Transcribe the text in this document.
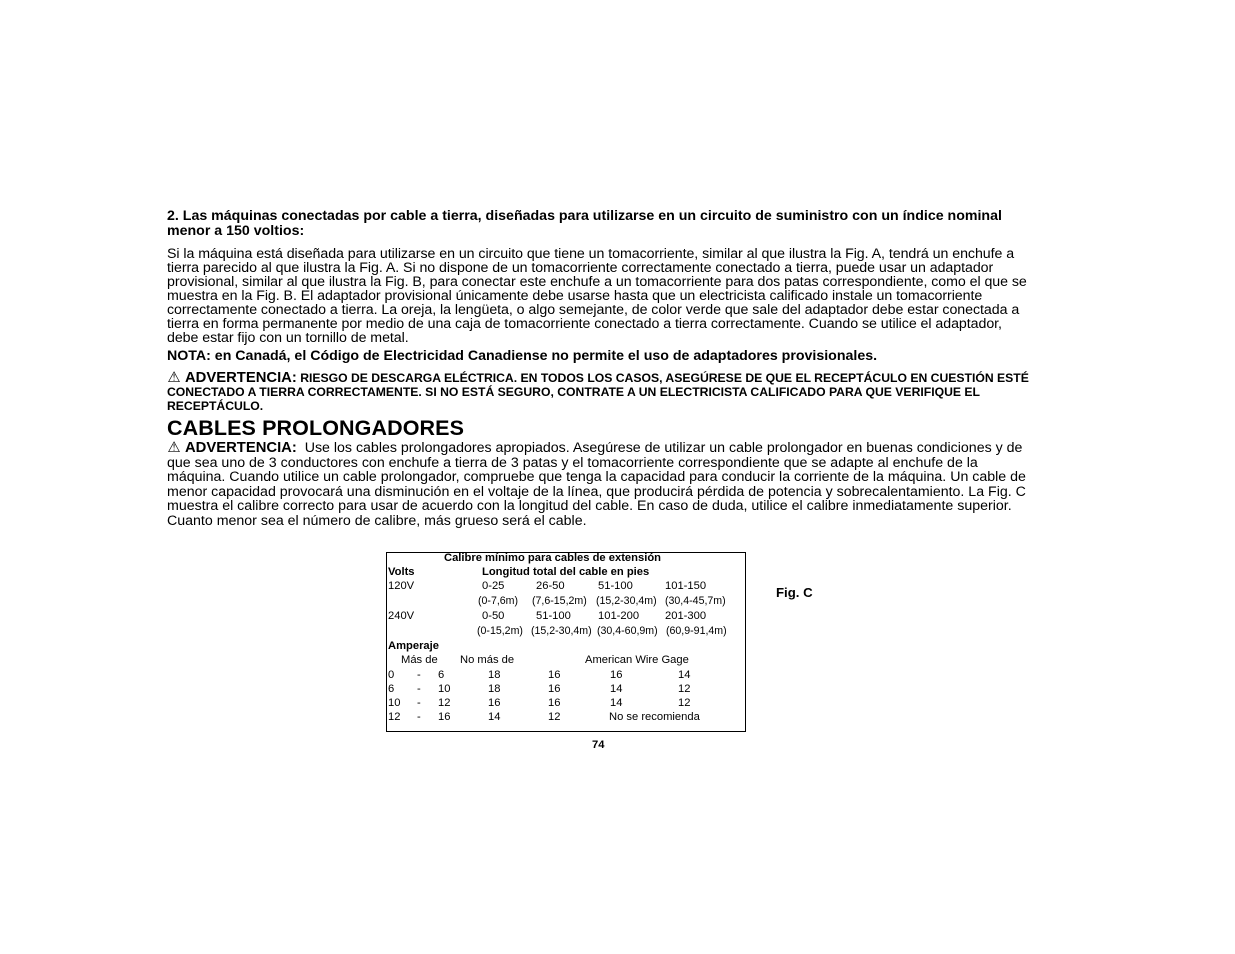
2. Las máquinas conectadas por cable a tierra, diseñadas para utilizarse en un circuito de suministro con un índice nominal menor a 150 voltios:
Si la máquina está diseñada para utilizarse en un circuito que tiene un tomacorriente, similar al que ilustra la Fig. A, tendrá un enchufe a tierra parecido al que ilustra la Fig. A. Si no dispone de un tomacorriente correctamente conectado a tierra, puede usar un adaptador provisional, similar al que ilustra la Fig. B, para conectar este enchufe a un tomacorriente para dos patas correspondiente, como el que se muestra en la Fig. B. El adaptador provisional únicamente debe usarse hasta que un electricista calificado instale un tomacorriente correctamente conectado a tierra. La oreja, la lengüeta, o algo semejante, de color verde que sale del adaptador debe estar conectada a tierra en forma permanente por medio de una caja de tomacorriente conectado a tierra correctamente. Cuando se utilice el adaptador, debe estar fijo con un tornillo de metal.
NOTA: en Canadá, el Código de Electricidad Canadiense no permite el uso de adaptadores provisionales.
⚠ ADVERTENCIA: RIESGO DE DESCARGA ELÉCTRICA. EN TODOS LOS CASOS, ASEGÚRESE DE QUE EL RECEPTÁCULO EN CUESTIÓN ESTÉ CONECTADO A TIERRA CORRECTAMENTE. SI NO ESTÁ SEGURO, CONTRATE A UN ELECTRICISTA CALIFICADO PARA QUE VERIFIQUE EL RECEPTÁCULO.
CABLES PROLONGADORES
⚠ ADVERTENCIA: Use los cables prolongadores apropiados. Asegúrese de utilizar un cable prolongador en buenas condiciones y de que sea uno de 3 conductores con enchufe a tierra de 3 patas y el tomacorriente correspondiente que se adapte al enchufe de la máquina. Cuando utilice un cable prolongador, compruebe que tenga la capacidad para conducir la corriente de la máquina. Un cable de menor capacidad provocará una disminución en el voltaje de la línea, que producirá pérdida de potencia y sobrecalentamiento. La Fig. C muestra el calibre correcto para usar de acuerdo con la longitud del cable. En caso de duda, utilice el calibre inmediatamente superior. Cuanto menor sea el número de calibre, más grueso será el cable.
Calibre mínimo para cables de extensión
Volts	Longitud total del cable en pies
120V	0-25	26-50	51-100	101-150
(0-7,6m) (7,6-15,2m) (15,2-30,4m) (30,4-45,7m)
240V	0-50	51-100 101-200 201-300
(0-15,2m) (15,2-30,4m) (30,4-60,9m) (60,9-91,4m)
Amperaje
Más de No más de	American Wire Gage
0 - 6	18	16	16	14
6 - 10	18	16	14	12
10 - 12	16	16	14	12
12 - 16	14	12	No se recomienda
Fig. C
74
